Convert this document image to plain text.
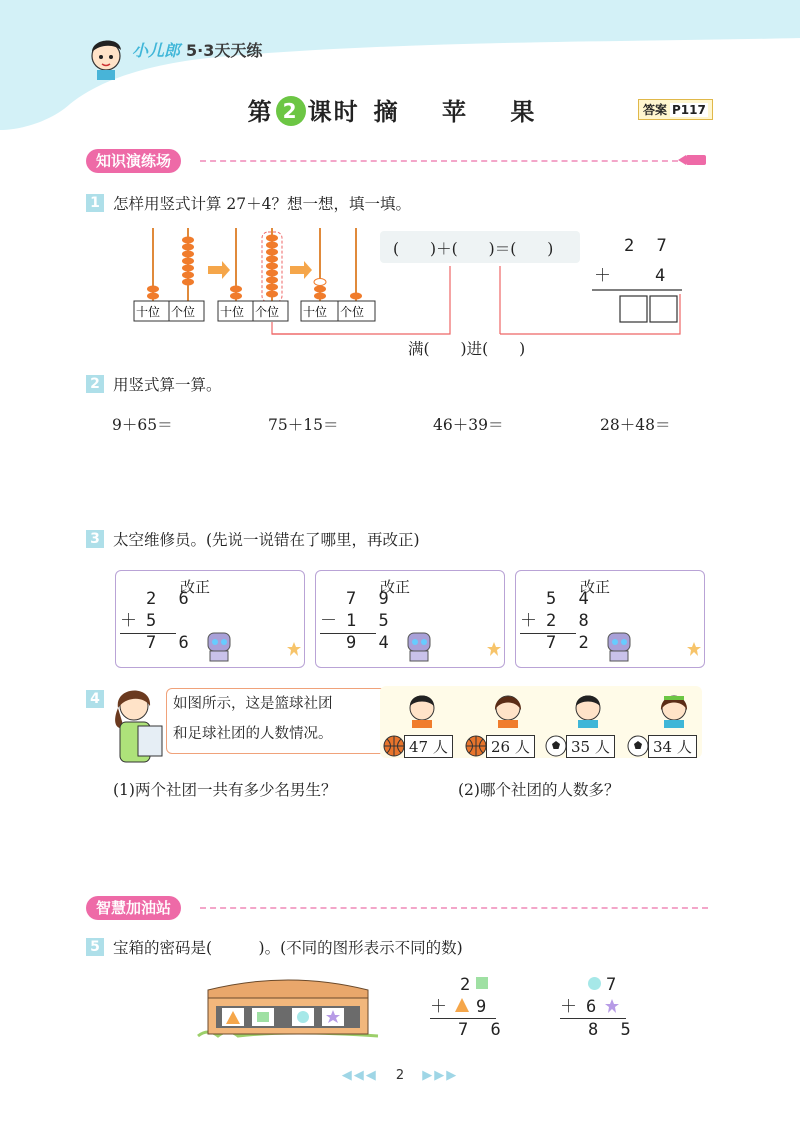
小儿郎 5·3天天练
第 2 课时 摘 苹 果	答案 P117
知识演练场
1 怎样用竖式计算 27＋4？想一想，填一填。
十位 个位 十位 个位 十位 个位
(　　)＋(　　)＝(　　)
满(　　)进(　　)
2 7
＋ 4
2 用竖式算一算。
9＋65＝	75＋15＝	46＋39＝	28＋48＝
3 太空维修员。(先说一说错在了哪里，再改正)
改正
2 6
＋ 5
7 6
改正
7 9
－ 1 5
9 4
改正
5 4
＋ 2 8
7 2
4	如图所示，这是篮球社团
和足球社团的人数情况。
47 人	26 人	35 人	34 人
(1)两个社团一共有多少名男生？	(2)哪个社团的人数多？
智慧加油站
5 宝箱的密码是(　　　)。(不同的图形表示不同的数)
2
＋ 9
7 6
7
＋ 6
8 5
◀◀◀ 2 ▶▶▶
